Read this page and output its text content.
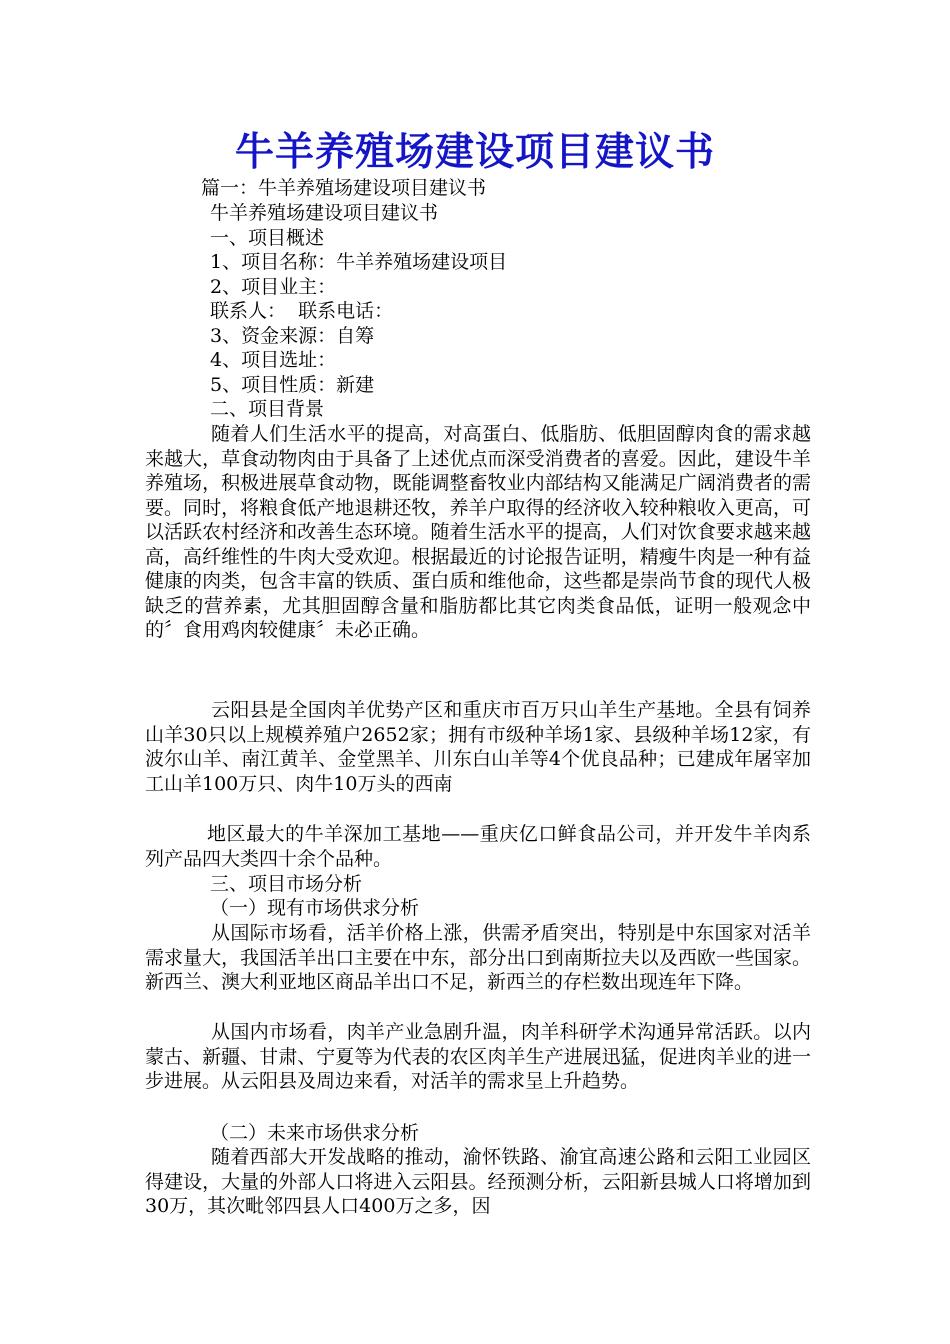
牛羊养殖场建设项目建议书
篇一：牛羊养殖场建设项目建议书
牛羊养殖场建设项目建议书
一、项目概述
1、项目名称：牛羊养殖场建设项目
2、项目业主：
联系人：  联系电话：
3、资金来源：自筹
4、项目选址：
5、项目性质：新建
二、项目背景

随着人们生活水平的提高，对高蛋白、低脂肪、低胆固醇肉食的需求越来越大，草食动物肉由于具备了上述优点而深受消费者的喜爱。因此，建设牛羊养殖场，积极进展草食动物，既能调整畜牧业内部结构又能满足广阔消费者的需要。同时，将粮食低产地退耕还牧，养羊户取得的经济收入较种粮收入更高，可以活跃农村经济和改善生态环境。随着生活水平的提高，人们对饮食要求越来越高，高纤维性的牛肉大受欢迎。根据最近的讨论报告证明，精瘦牛肉是一种有益健康的肉类，包含丰富的铁质、蛋白质和维他命，这些都是崇尚节食的现代人极缺乏的营养素，尤其胆固醇含量和脂肪都比其它肉类食品低，证明一般观念中的〞食用鸡肉较健康〞未必正确。

云阳县是全国肉羊优势产区和重庆市百万只山羊生产基地。全县有饲养山羊30只以上规模养殖户2652家；拥有市级种羊场1家、县级种羊场12家，有波尔山羊、南江黄羊、金堂黑羊、川东白山羊等4个优良品种；已建成年屠宰加工山羊100万只、肉牛10万头的西南

地区最大的牛羊深加工基地——重庆亿口鲜食品公司，并开发牛羊肉系列产品四大类四十余个品种。

三、项目市场分析
（一）现有市场供求分析

从国际市场看，活羊价格上涨，供需矛盾突出，特别是中东国家对活羊需求量大，我国活羊出口主要在中东，部分出口到南斯拉夫以及西欧一些国家。新西兰、澳大利亚地区商品羊出口不足，新西兰的存栏数出现连年下降。

从国内市场看，肉羊产业急剧升温，肉羊科研学术沟通异常活跃。以内蒙古、新疆、甘肃、宁夏等为代表的农区肉羊生产进展迅猛，促进肉羊业的进一步进展。从云阳县及周边来看，对活羊的需求呈上升趋势。

（二）未来市场供求分析

随着西部大开发战略的推动，渝怀铁路、渝宜高速公路和云阳工业园区得建设，大量的外部人口将进入云阳县。经预测分析，云阳新县城人口将增加到30万，其次毗邻四县人口400万之多，因
